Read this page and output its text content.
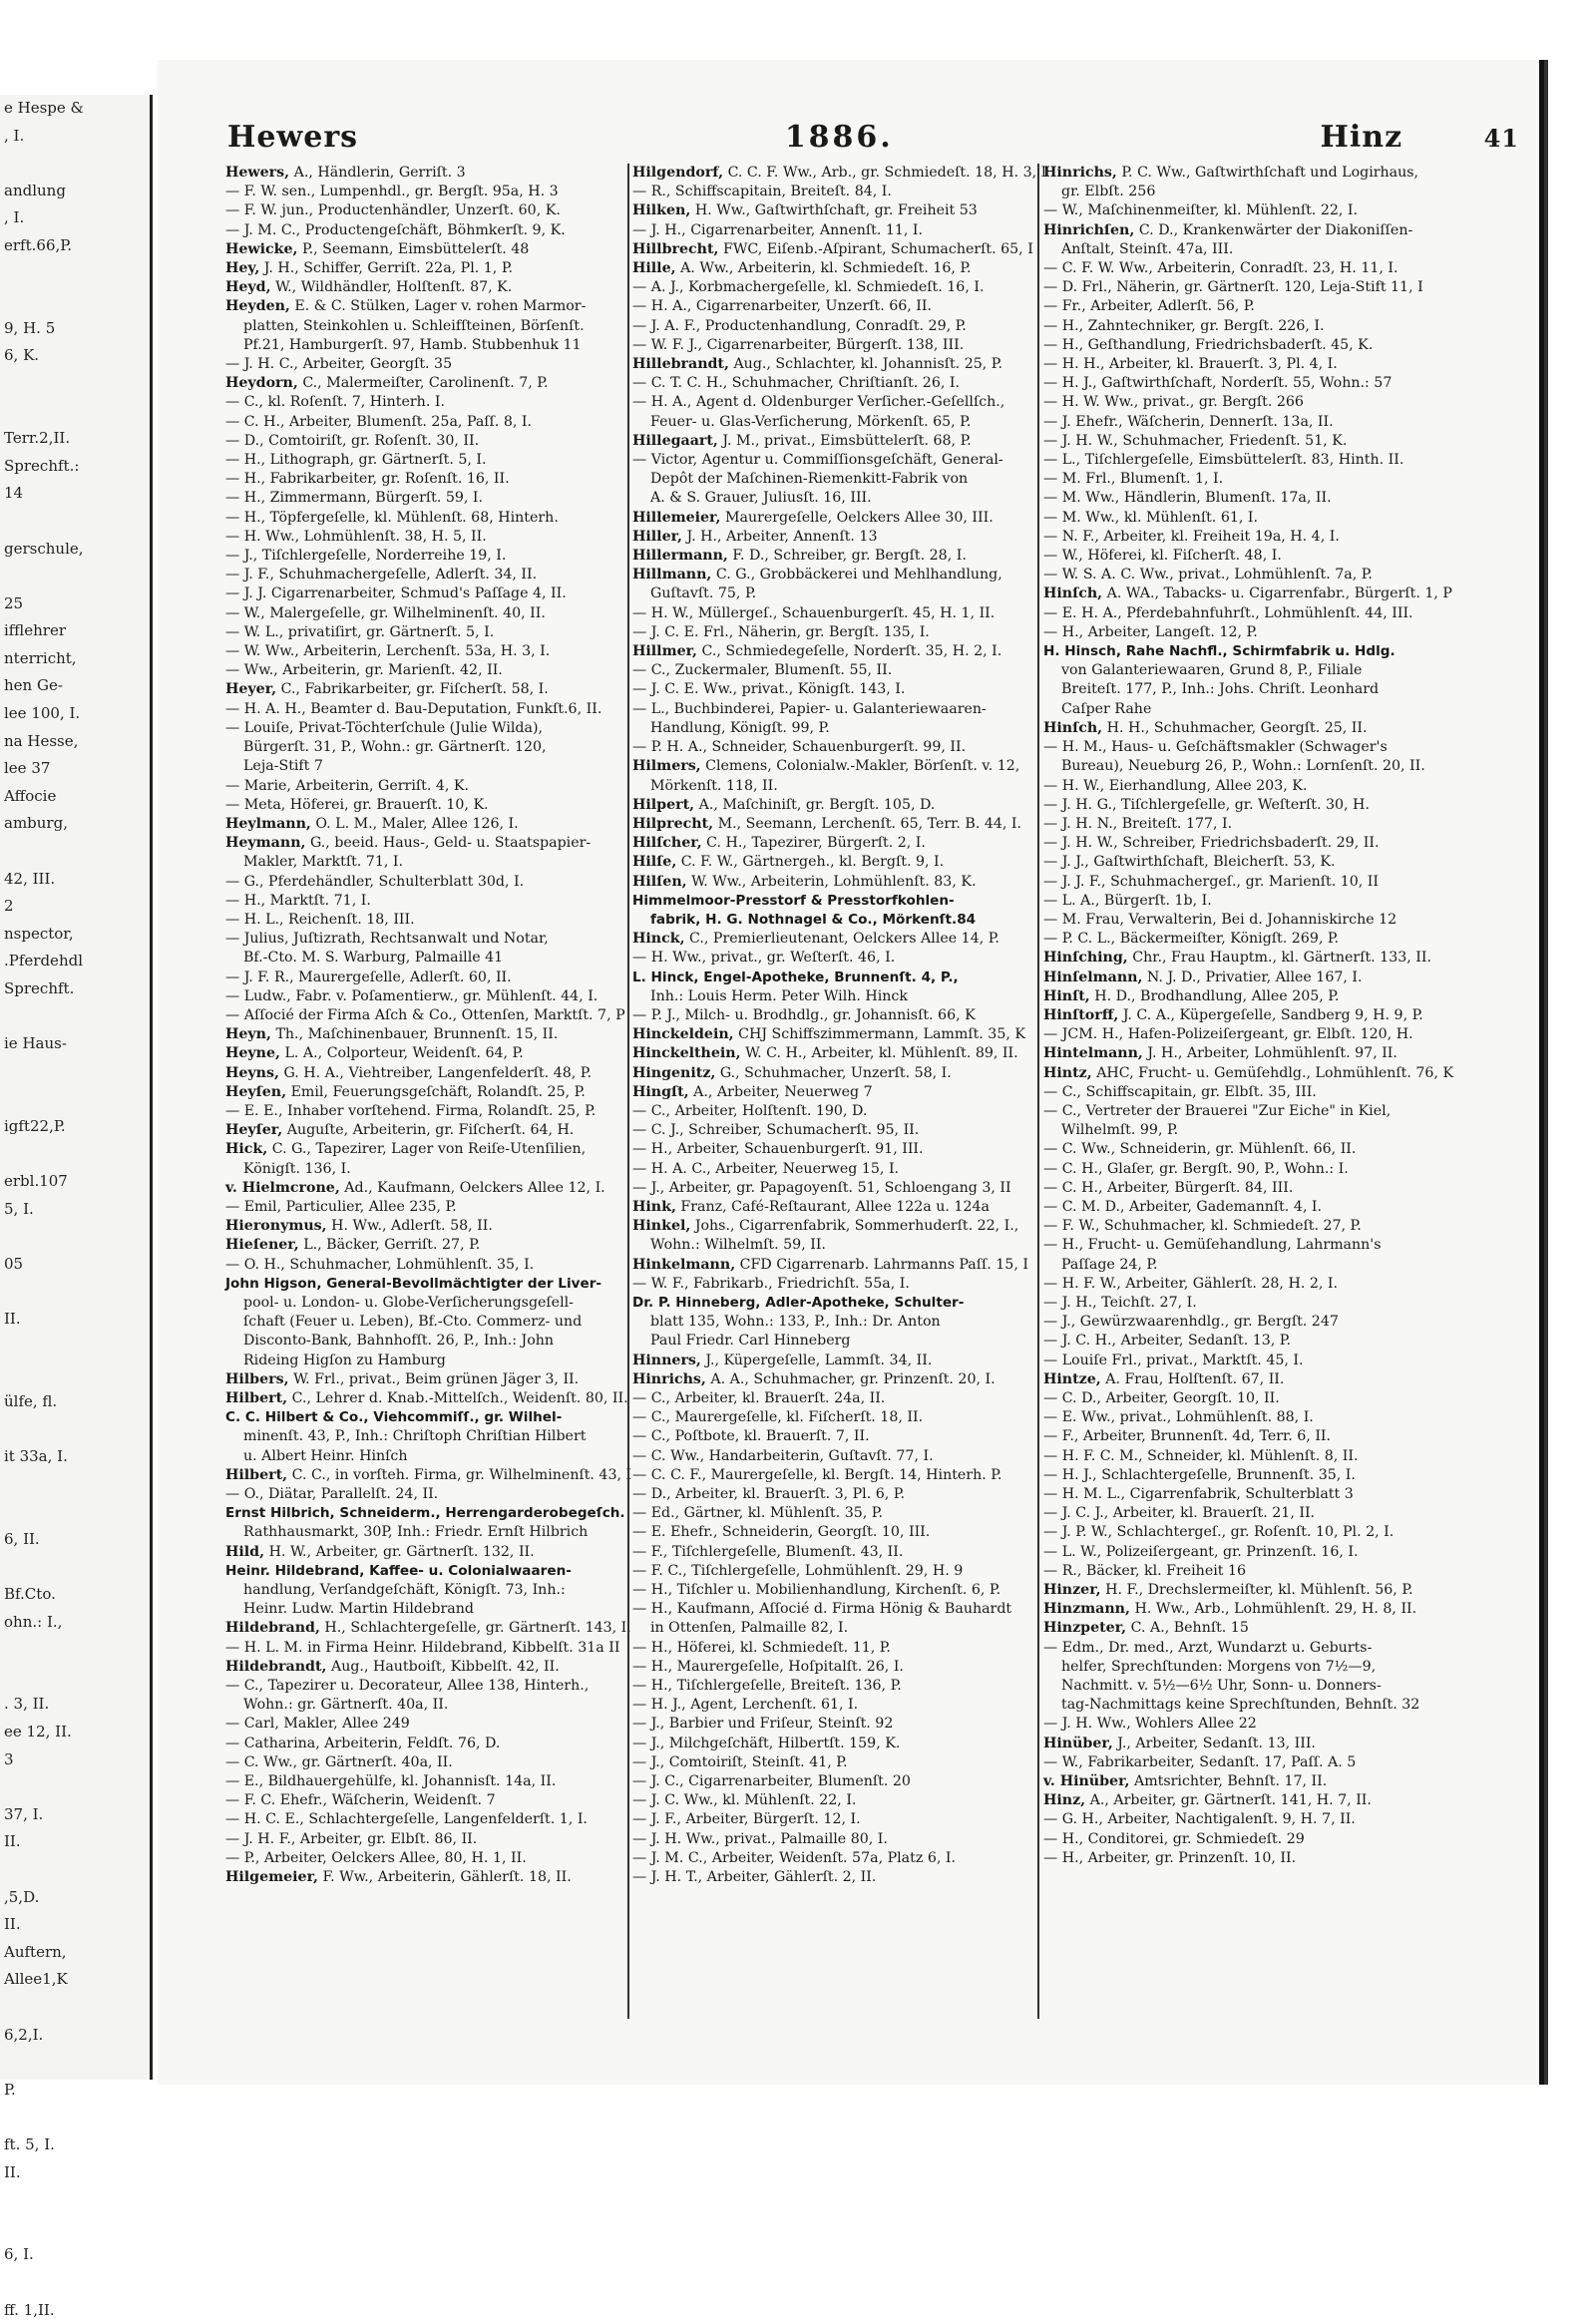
e Hespe &
, I.
andlung
, I.
erft.66,P.
9, H. 5
6, K.
Terr.2,II.
Sprechft.:
14
gerschule,
25
ifflehrer
nterricht,
hen Ge-
lee 100, I.
na Hesse,
lee 37
Affocie
amburg,
42, III.
2
nspector,
.Pferdehdl
Sprechft.
ie Haus-
igft22,P.
erbl.107
5, I.
05
II.
ülfe, fl.
it 33a, I.
6, II.
Bf.Cto.
ohn.: I.,
. 3, II.
ee 12, II.
3
37, I.
II.
,5,D.
II.
Auftern,
Allee1,K
6,2,I.
P.
ft. 5, I.
II.
6, I.
ff. 1,II.
Hewers	1886.	Hinz	41
Hewers, A., Händlerin, Gerriſt. 3
— F. W. sen., Lumpenhdl., gr. Bergſt. 95a, H. 3
— F. W. jun., Productenhändler, Unzerſt. 60, K.
— J. M. C., Productengeſchäft, Böhmkerſt. 9, K.
Hewicke, P., Seemann, Eimsbüttelerſt. 48
Hey, J. H., Schiffer, Gerriſt. 22a, Pl. 1, P.
Heyd, W., Wildhändler, Holſtenſt. 87, K.
Heyden, E. & C. Stülken, Lager v. rohen Marmor-
platten, Steinkohlen u. Schleifſteinen, Börſenſt.
Pf.21, Hamburgerſt. 97, Hamb. Stubbenhuk 11
— J. H. C., Arbeiter, Georgſt. 35
Heydorn, C., Malermeiſter, Carolinenſt. 7, P.
— C., kl. Roſenſt. 7, Hinterh. I.
— C. H., Arbeiter, Blumenſt. 25a, Paſſ. 8, I.
— D., Comtoiriſt, gr. Roſenſt. 30, II.
— H., Lithograph, gr. Gärtnerſt. 5, I.
— H., Fabrikarbeiter, gr. Roſenſt. 16, II.
— H., Zimmermann, Bürgerſt. 59, I.
— H., Töpfergeſelle, kl. Mühlenſt. 68, Hinterh.
— H. Ww., Lohmühlenſt. 38, H. 5, II.
— J., Tiſchlergeſelle, Norderreihe 19, I.
— J. F., Schuhmachergeſelle, Adlerſt. 34, II.
— J. J. Cigarrenarbeiter, Schmud's Paſſage 4, II.
— W., Malergeſelle, gr. Wilhelminenſt. 40, II.
— W. L., privatiſirt, gr. Gärtnerſt. 5, I.
— W. Ww., Arbeiterin, Lerchenſt. 53a, H. 3, I.
— Ww., Arbeiterin, gr. Marienſt. 42, II.
Heyer, C., Fabrikarbeiter, gr. Fiſcherſt. 58, I.
— H. A. H., Beamter d. Bau-Deputation, Funkſt.6, II.
— Louiſe, Privat-Töchterſchule (Julie Wilda),
Bürgerſt. 31, P., Wohn.: gr. Gärtnerſt. 120,
Leja-Stift 7
— Marie, Arbeiterin, Gerriſt. 4, K.
— Meta, Höferei, gr. Brauerſt. 10, K.
Heylmann, O. L. M., Maler, Allee 126, I.
Heymann, G., beeid. Haus-, Geld- u. Staatspapier-
Makler, Marktſt. 71, I.
— G., Pferdehändler, Schulterblatt 30d, I.
— H., Marktſt. 71, I.
— H. L., Reichenſt. 18, III.
— Julius, Juſtizrath, Rechtsanwalt und Notar,
Bf.-Cto. M. S. Warburg, Palmaille 41
— J. F. R., Maurergeſelle, Adlerſt. 60, II.
— Ludw., Fabr. v. Poſamentierw., gr. Mühlenſt. 44, I.
— Aſſocié der Firma Aſch & Co., Ottenſen, Marktſt. 7, P
Heyn, Th., Maſchinenbauer, Brunnenſt. 15, II.
Heyne, L. A., Colporteur, Weidenſt. 64, P.
Heyns, G. H. A., Viehtreiber, Langenfelderſt. 48, P.
Heyſen, Emil, Feuerungsgeſchäft, Rolandſt. 25, P.
— E. E., Inhaber vorſtehend. Firma, Rolandſt. 25, P.
Heyſer, Auguſte, Arbeiterin, gr. Fiſcherſt. 64, H.
Hick, C. G., Tapezirer, Lager von Reiſe-Utenſilien,
Königſt. 136, I.
v. Hielmcrone, Ad., Kaufmann, Oelckers Allee 12, I.
— Emil, Particulier, Allee 235, P.
Hieronymus, H. Ww., Adlerſt. 58, II.
Hieſener, L., Bäcker, Gerriſt. 27, P.
— O. H., Schuhmacher, Lohmühlenſt. 35, I.
John Higson, General-Bevollmächtigter der Liver-
pool- u. London- u. Globe-Verſicherungsgeſell-
ſchaft (Feuer u. Leben), Bf.-Cto. Commerz- und
Disconto-Bank, Bahnhofſt. 26, P., Inh.: John
Rideing Higſon zu Hamburg
Hilbers, W. Frl., privat., Beim grünen Jäger 3, II.
Hilbert, C., Lehrer d. Knab.-Mittelſch., Weidenſt. 80, II.
C. C. Hilbert & Co., Viehcommiſſ., gr. Wilhel-
minenſt. 43, P., Inh.: Chriſtoph Chriſtian Hilbert
u. Albert Heinr. Hinſch
Hilbert, C. C., in vorſteh. Firma, gr. Wilhelminenſt. 43, I
— O., Diätar, Parallelſt. 24, II.
Ernst Hilbrich, Schneiderm., Herrengarderobegeſch.
Rathhausmarkt, 30P, Inh.: Friedr. Ernſt Hilbrich
Hild, H. W., Arbeiter, gr. Gärtnerſt. 132, II.
Heinr. Hildebrand, Kaffee- u. Colonialwaaren-
handlung, Verſandgeſchäft, Königſt. 73, Inh.:
Heinr. Ludw. Martin Hildebrand
Hildebrand, H., Schlachtergeſelle, gr. Gärtnerſt. 143, I.
— H. L. M. in Firma Heinr. Hildebrand, Kibbelſt. 31a II
Hildebrandt, Aug., Hautboiſt, Kibbelſt. 42, II.
— C., Tapezirer u. Decorateur, Allee 138, Hinterh.,
Wohn.: gr. Gärtnerſt. 40a, II.
— Carl, Makler, Allee 249
— Catharina, Arbeiterin, Feldſt. 76, D.
— C. Ww., gr. Gärtnerſt. 40a, II.
— E., Bildhauergehülfe, kl. Johannisſt. 14a, II.
— F. C. Ehefr., Wäſcherin, Weidenſt. 7
— H. C. E., Schlachtergeſelle, Langenfelderſt. 1, I.
— J. H. F., Arbeiter, gr. Elbſt. 86, II.
— P., Arbeiter, Oelckers Allee, 80, H. 1, II.
Hilgemeier, F. Ww., Arbeiterin, Gählerſt. 18, II.
Hilgendorf, C. C. F. Ww., Arb., gr. Schmiedeſt. 18, H. 3, I
— R., Schiffscapitain, Breiteſt. 84, I.
Hilken, H. Ww., Gaſtwirthſchaft, gr. Freiheit 53
— J. H., Cigarrenarbeiter, Annenſt. 11, I.
Hillbrecht, FWC, Eiſenb.-Aſpirant, Schumacherſt. 65, I
Hille, A. Ww., Arbeiterin, kl. Schmiedeſt. 16, P.
— A. J., Korbmachergeſelle, kl. Schmiedeſt. 16, I.
— H. A., Cigarrenarbeiter, Unzerſt. 66, II.
— J. A. F., Productenhandlung, Conradſt. 29, P.
— W. F. J., Cigarrenarbeiter, Bürgerſt. 138, III.
Hillebrandt, Aug., Schlachter, kl. Johannisſt. 25, P.
— C. T. C. H., Schuhmacher, Chriſtianſt. 26, I.
— H. A., Agent d. Oldenburger Verſicher.-Geſellſch.,
Feuer- u. Glas-Verſicherung, Mörkenſt. 65, P.
Hillegaart, J. M., privat., Eimsbüttelerſt. 68, P.
— Victor, Agentur u. Commiſſionsgeſchäft, General-
Depôt der Maſchinen-Riemenkitt-Fabrik von
A. & S. Grauer, Juliusſt. 16, III.
Hillemeier, Maurergeſelle, Oelckers Allee 30, III.
Hiller, J. H., Arbeiter, Annenſt. 13
Hillermann, F. D., Schreiber, gr. Bergſt. 28, I.
Hillmann, C. G., Grobbäckerei und Mehlhandlung,
Guſtavſt. 75, P.
— H. W., Müllergeſ., Schauenburgerſt. 45, H. 1, II.
— J. C. E. Frl., Näherin, gr. Bergſt. 135, I.
Hillmer, C., Schmiedegeſelle, Norderſt. 35, H. 2, I.
— C., Zuckermaler, Blumenſt. 55, II.
— J. C. E. Ww., privat., Königſt. 143, I.
— L., Buchbinderei, Papier- u. Galanteriewaaren-
Handlung, Königſt. 99, P.
— P. H. A., Schneider, Schauenburgerſt. 99, II.
Hilmers, Clemens, Colonialw.-Makler, Börſenſt. v. 12,
Mörkenſt. 118, II.
Hilpert, A., Maſchiniſt, gr. Bergſt. 105, D.
Hilprecht, M., Seemann, Lerchenſt. 65, Terr. B. 44, I.
Hilſcher, C. H., Tapezirer, Bürgerſt. 2, I.
Hilſe, C. F. W., Gärtnergeh., kl. Bergſt. 9, I.
Hilſen, W. Ww., Arbeiterin, Lohmühlenſt. 83, K.
Himmelmoor-Presstorf & Presstorfkohlen-
fabrik, H. G. Nothnagel & Co., Mörkenſt.84
Hinck, C., Premierlieutenant, Oelckers Allee 14, P.
— H. Ww., privat., gr. Weſterſt. 46, I.
L. Hinck, Engel-Apotheke, Brunnenſt. 4, P.,
Inh.: Louis Herm. Peter Wilh. Hinck
— P. J., Milch- u. Brodhdlg., gr. Johannisſt. 66, K
Hinckeldein, CHJ Schiffszimmermann, Lammſt. 35, K
Hinckelthein, W. C. H., Arbeiter, kl. Mühlenſt. 89, II.
Hingenitz, G., Schuhmacher, Unzerſt. 58, I.
Hingſt, A., Arbeiter, Neuerweg 7
— C., Arbeiter, Holſtenſt. 190, D.
— C. J., Schreiber, Schumacherſt. 95, II.
— H., Arbeiter, Schauenburgerſt. 91, III.
— H. A. C., Arbeiter, Neuerweg 15, I.
— J., Arbeiter, gr. Papagoyenſt. 51, Schloengang 3, II
Hink, Franz, Café-Reſtaurant, Allee 122a u. 124a
Hinkel, Johs., Cigarrenfabrik, Sommerhuderſt. 22, I.,
Wohn.: Wilhelmſt. 59, II.
Hinkelmann, CFD Cigarrenarb. Lahrmanns Paſſ. 15, I
— W. F., Fabrikarb., Friedrichſt. 55a, I.
Dr. P. Hinneberg, Adler-Apotheke, Schulter-
blatt 135, Wohn.: 133, P., Inh.: Dr. Anton
Paul Friedr. Carl Hinneberg
Hinners, J., Küpergeſelle, Lammſt. 34, II.
Hinrichs, A. A., Schuhmacher, gr. Prinzenſt. 20, I.
— C., Arbeiter, kl. Brauerſt. 24a, II.
— C., Maurergeſelle, kl. Fiſcherſt. 18, II.
— C., Poſtbote, kl. Brauerſt. 7, II.
— C. Ww., Handarbeiterin, Guſtavſt. 77, I.
— C. C. F., Maurergeſelle, kl. Bergſt. 14, Hinterh. P.
— D., Arbeiter, kl. Brauerſt. 3, Pl. 6, P.
— Ed., Gärtner, kl. Mühlenſt. 35, P.
— E. Ehefr., Schneiderin, Georgſt. 10, III.
— F., Tiſchlergeſelle, Blumenſt. 43, II.
— F. C., Tiſchlergeſelle, Lohmühlenſt. 29, H. 9
— H., Tiſchler u. Mobilienhandlung, Kirchenſt. 6, P.
— H., Kaufmann, Aſſocié d. Firma Hönig & Bauhardt
in Ottenſen, Palmaille 82, I.
— H., Höferei, kl. Schmiedeſt. 11, P.
— H., Maurergeſelle, Hoſpitalſt. 26, I.
— H., Tiſchlergeſelle, Breiteſt. 136, P.
— H. J., Agent, Lerchenſt. 61, I.
— J., Barbier und Friſeur, Steinſt. 92
— J., Milchgeſchäft, Hilbertſt. 159, K.
— J., Comtoiriſt, Steinſt. 41, P.
— J. C., Cigarrenarbeiter, Blumenſt. 20
— J. C. Ww., kl. Mühlenſt. 22, I.
— J. F., Arbeiter, Bürgerſt. 12, I.
— J. H. Ww., privat., Palmaille 80, I.
— J. M. C., Arbeiter, Weidenſt. 57a, Platz 6, I.
— J. H. T., Arbeiter, Gählerſt. 2, II.
Hinrichs, P. C. Ww., Gaſtwirthſchaft und Logirhaus,
gr. Elbſt. 256
— W., Maſchinenmeiſter, kl. Mühlenſt. 22, I.
Hinrichſen, C. D., Krankenwärter der Diakoniſſen-
Anſtalt, Steinſt. 47a, III.
— C. F. W. Ww., Arbeiterin, Conradſt. 23, H. 11, I.
— D. Frl., Näherin, gr. Gärtnerſt. 120, Leja-Stift 11, I
— Fr., Arbeiter, Adlerſt. 56, P.
— H., Zahntechniker, gr. Bergſt. 226, I.
— H., Geſthandlung, Friedrichsbaderſt. 45, K.
— H. H., Arbeiter, kl. Brauerſt. 3, Pl. 4, I.
— H. J., Gaſtwirthſchaft, Norderſt. 55, Wohn.: 57
— H. W. Ww., privat., gr. Bergſt. 266
— J. Ehefr., Wäſcherin, Dennerſt. 13a, II.
— J. H. W., Schuhmacher, Friedenſt. 51, K.
— L., Tiſchlergeſelle, Eimsbüttelerſt. 83, Hinth. II.
— M. Frl., Blumenſt. 1, I.
— M. Ww., Händlerin, Blumenſt. 17a, II.
— M. Ww., kl. Mühlenſt. 61, I.
— N. F., Arbeiter, kl. Freiheit 19a, H. 4, I.
— W., Höferei, kl. Fiſcherſt. 48, I.
— W. S. A. C. Ww., privat., Lohmühlenſt. 7a, P.
Hinſch, A. WA., Tabacks- u. Cigarrenfabr., Bürgerſt. 1, P
— E. H. A., Pferdebahnfuhrſt., Lohmühlenſt. 44, III.
— H., Arbeiter, Langeſt. 12, P.
H. Hinsch, Rahe Nachfl., Schirmfabrik u. Hdlg.
von Galanteriewaaren, Grund 8, P., Filiale
Breiteſt. 177, P., Inh.: Johs. Chriſt. Leonhard
Caſper Rahe
Hinſch, H. H., Schuhmacher, Georgſt. 25, II.
— H. M., Haus- u. Geſchäftsmakler (Schwager's
Bureau), Neueburg 26, P., Wohn.: Lornſenſt. 20, II.
— H. W., Eierhandlung, Allee 203, K.
— J. H. G., Tiſchlergeſelle, gr. Weſterſt. 30, H.
— J. H. N., Breiteſt. 177, I.
— J. H. W., Schreiber, Friedrichsbaderſt. 29, II.
— J. J., Gaſtwirthſchaft, Bleicherſt. 53, K.
— J. J. F., Schuhmachergeſ., gr. Marienſt. 10, II
— L. A., Bürgerſt. 1b, I.
— M. Frau, Verwalterin, Bei d. Johanniskirche 12
— P. C. L., Bäckermeiſter, Königſt. 269, P.
Hinſching, Chr., Frau Hauptm., kl. Gärtnerſt. 133, II.
Hinſelmann, N. J. D., Privatier, Allee 167, I.
Hinſt, H. D., Brodhandlung, Allee 205, P.
Hinſtorff, J. C. A., Küpergeſelle, Sandberg 9, H. 9, P.
— JCM. H., Hafen-Polizeiſergeant, gr. Elbſt. 120, H.
Hintelmann, J. H., Arbeiter, Lohmühlenſt. 97, II.
Hintz, AHC, Frucht- u. Gemüſehdlg., Lohmühlenſt. 76, K
— C., Schiffscapitain, gr. Elbſt. 35, III.
— C., Vertreter der Brauerei "Zur Eiche" in Kiel,
Wilhelmſt. 99, P.
— C. Ww., Schneiderin, gr. Mühlenſt. 66, II.
— C. H., Glaſer, gr. Bergſt. 90, P., Wohn.: I.
— C. H., Arbeiter, Bürgerſt. 84, III.
— C. M. D., Arbeiter, Gademannſt. 4, I.
— F. W., Schuhmacher, kl. Schmiedeſt. 27, P.
— H., Frucht- u. Gemüſehandlung, Lahrmann's
Paſſage 24, P.
— H. F. W., Arbeiter, Gählerſt. 28, H. 2, I.
— J. H., Teichſt. 27, I.
— J., Gewürzwaarenhdlg., gr. Bergſt. 247
— J. C. H., Arbeiter, Sedanſt. 13, P.
— Louiſe Frl., privat., Marktſt. 45, I.
Hintze, A. Frau, Holſtenſt. 67, II.
— C. D., Arbeiter, Georgſt. 10, II.
— E. Ww., privat., Lohmühlenſt. 88, I.
— F., Arbeiter, Brunnenſt. 4d, Terr. 6, II.
— H. F. C. M., Schneider, kl. Mühlenſt. 8, II.
— H. J., Schlachtergeſelle, Brunnenſt. 35, I.
— H. M. L., Cigarrenfabrik, Schulterblatt 3
— J. C. J., Arbeiter, kl. Brauerſt. 21, II.
— J. P. W., Schlachtergeſ., gr. Roſenſt. 10, Pl. 2, I.
— L. W., Polizeiſergeant, gr. Prinzenſt. 16, I.
— R., Bäcker, kl. Freiheit 16
Hinzer, H. F., Drechslermeiſter, kl. Mühlenſt. 56, P.
Hinzmann, H. Ww., Arb., Lohmühlenſt. 29, H. 8, II.
Hinzpeter, C. A., Behnſt. 15
— Edm., Dr. med., Arzt, Wundarzt u. Geburts-
helfer, Sprechſtunden: Morgens von 7½—9,
Nachmitt. v. 5½—6½ Uhr, Sonn- u. Donners-
tag-Nachmittags keine Sprechſtunden, Behnſt. 32
— J. H. Ww., Wohlers Allee 22
Hinüber, J., Arbeiter, Sedanſt. 13, III.
— W., Fabrikarbeiter, Sedanſt. 17, Paſſ. A. 5
v. Hinüber, Amtsrichter, Behnſt. 17, II.
Hinz, A., Arbeiter, gr. Gärtnerſt. 141, H. 7, II.
— G. H., Arbeiter, Nachtigalenſt. 9, H. 7, II.
— H., Conditorei, gr. Schmiedeſt. 29
— H., Arbeiter, gr. Prinzenſt. 10, II.
